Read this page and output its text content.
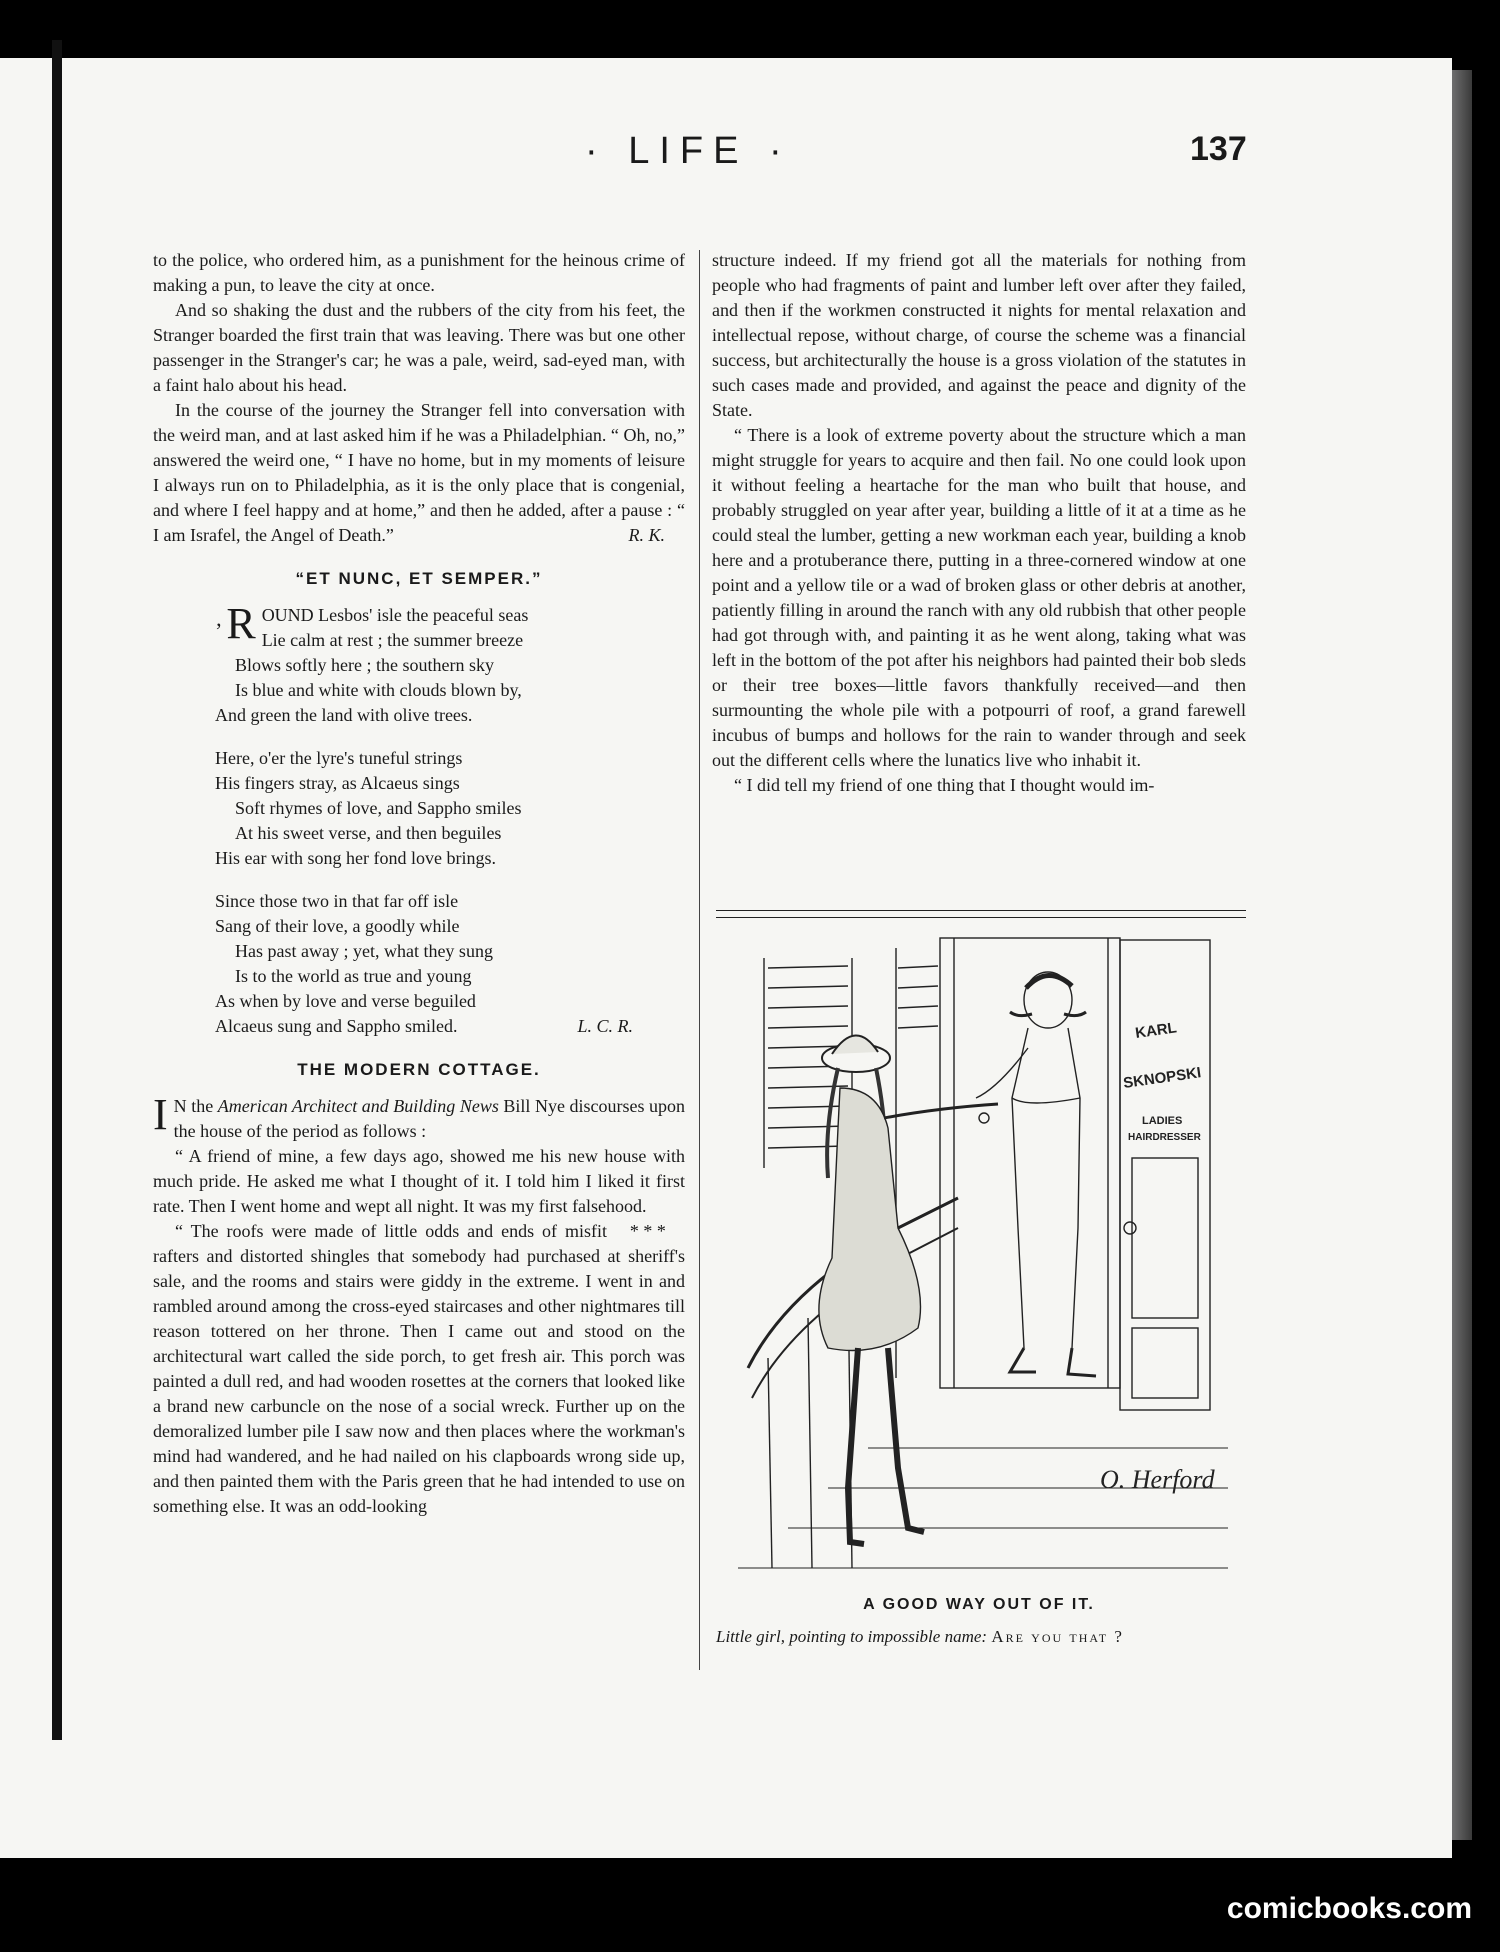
· LIFE ·	137

to the police, who ordered him, as a punishment for the heinous crime of making a pun, to leave the city at once.

And so shaking the dust and the rubbers of the city from his feet, the Stranger boarded the first train that was leaving. There was but one other passenger in the Stranger's car; he was a pale, weird, sad-eyed man, with a faint halo about his head.

In the course of the journey the Stranger fell into conversation with the weird man, and at last asked him if he was a Philadelphian. “ Oh, no,” answered the weird one, “ I have no home, but in my moments of leisure I always run on to Philadelphia, as it is the only place that is congenial, and where I feel happy and at home,” and then he added, after a pause : “ I am Israfel, the Angel of Death.”	R. K.

“ET NUNC, ET SEMPER.”
’R OUND Lesbos' isle the peaceful seas
Lie calm at rest ; the summer breeze
Blows softly here ; the southern sky
Is blue and white with clouds blown by,
And green the land with olive trees.
Here, o'er the lyre's tuneful strings
His fingers stray, as Alcaeus sings
Soft rhymes of love, and Sappho smiles
At his sweet verse, and then beguiles
His ear with song her fond love brings.
Since those two in that far off isle
Sang of their love, a goodly while
Has past away ; yet, what they sung
Is to the world as true and young
As when by love and verse beguiled
Alcaeus sung and Sappho smiled.	L. C. R.
THE MODERN COTTAGE.

I N the American Architect and Building News Bill Nye discourses upon the house of the period as follows :

“ A friend of mine, a few days ago, showed me his new house with much pride. He asked me what I thought of it. I told him I liked it first rate. Then I went home and wept all night. It was my first falsehood.
* * *

“ The roofs were made of little odds and ends of misfit rafters and distorted shingles that somebody had purchased at sheriff's sale, and the rooms and stairs were giddy in the extreme. I went in and rambled around among the cross-eyed staircases and other nightmares till reason tottered on her throne. Then I came out and stood on the architectural wart called the side porch, to get fresh air. This porch was painted a dull red, and had wooden rosettes at the corners that looked like a brand new carbuncle on the nose of a social wreck. Further up on the demoralized lumber pile I saw now and then places where the workman's mind had wandered, and he had nailed on his clapboards wrong side up, and then painted them with the Paris green that he had intended to use on something else. It was an odd-looking

structure indeed. If my friend got all the materials for nothing from people who had fragments of paint and lumber left over after they failed, and then if the workmen constructed it nights for mental relaxation and intellectual repose, without charge, of course the scheme was a financial success, but architecturally the house is a gross violation of the statutes in such cases made and provided, and against the peace and dignity of the State.

“ There is a look of extreme poverty about the structure which a man might struggle for years to acquire and then fail. No one could look upon it without feeling a heartache for the man who built that house, and probably struggled on year after year, building a little of it at a time as he could steal the lumber, getting a new workman each year, building a knob here and a protuberance there, putting in a three-cornered window at one point and a yellow tile or a wad of broken glass or other debris at another, patiently filling in around the ranch with any old rubbish that other people had got through with, and painting it as he went along, taking what was left in the bottom of the pot after his neighbors had painted their bob sleds or their tree boxes—little favors thankfully received—and then surmounting the whole pile with a potpourri of roof, a grand farewell incubus of bumps and hollows for the rain to wander through and seek out the different cells where the lunatics live who inhabit it.

“ I did tell my friend of one thing that I thought would im-

KARL
SKNOPSKI
LADIES
HAIRDRESSER
O. Herford
A GOOD WAY OUT OF IT.
Little girl, pointing to impossible name: Are you that ?
comicbooks.com
